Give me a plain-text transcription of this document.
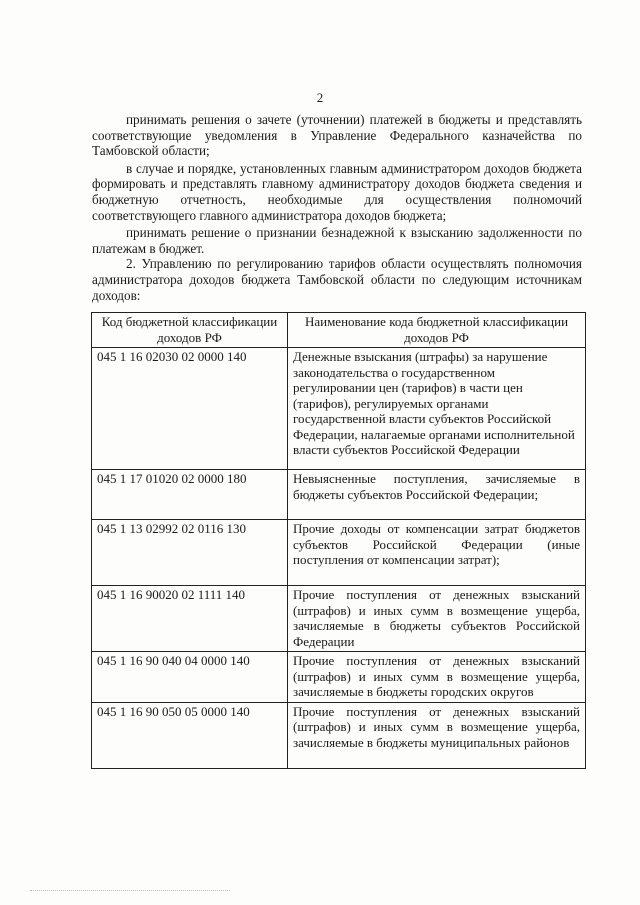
2

принимать решения о зачете (уточнении) платежей в бюджеты и представлять соответствующие уведомления в Управление Федерального казначейства по Тамбовской области;

в случае и порядке, установленных главным администратором доходов бюджета формировать и представлять главному администратору доходов бюджета сведения и бюджетную отчетность, необходимые для осуществления полномочий соответствующего главного администратора доходов бюджета;

принимать решение о признании безнадежной к взысканию задолженности по платежам в бюджет.

2. Управлению по регулированию тарифов области осуществлять полномочия администратора доходов бюджета Тамбовской области по следующим источникам доходов:

Код бюджетной классификации доходов РФ	Наименование кода бюджетной классификации доходов РФ
045 1 16 02030 02 0000 140	Денежные взыскания (штрафы) за нарушение законодательства о государственном регулировании цен (тарифов) в части цен (тарифов), регулируемых органами государственной власти субъектов Российской Федерации, налагаемые органами исполнительной власти субъектов Российской Федерации
045 1 17 01020 02 0000 180	Невыясненные поступления, зачисляемые в бюджеты субъектов Российской Федерации;
045 1 13 02992 02 0116 130	Прочие доходы от компенсации затрат бюджетов субъектов Российской Федерации (иные поступления от компенсации затрат);
045 1 16 90020 02 1111 140	Прочие поступления от денежных взысканий (штрафов) и иных сумм в возмещение ущерба, зачисляемые в бюджеты субъектов Российской Федерации
045 1 16 90 040 04 0000 140	Прочие поступления от денежных взысканий (штрафов) и иных сумм в возмещение ущерба, зачисляемые в бюджеты городских округов
045 1 16 90 050 05 0000 140	Прочие поступления от денежных взысканий (штрафов) и иных сумм в возмещение ущерба, зачисляемые в бюджеты муниципальных районов
